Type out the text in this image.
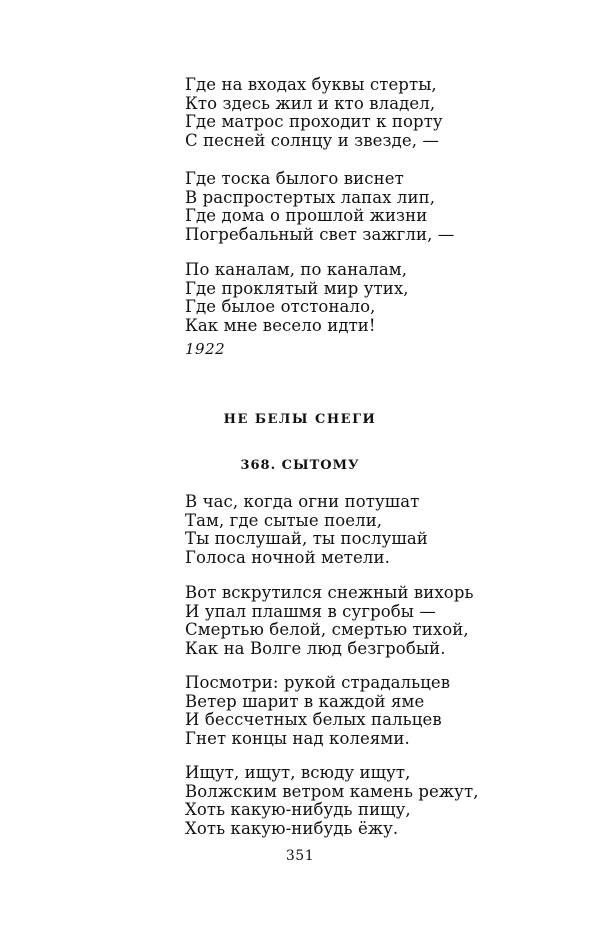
Где на входах буквы стерты,
Кто здесь жил и кто владел,
Где матрос проходит к порту
С песней солнцу и звезде, —
Где тоска былого виснет
В распростертых лапах лип,
Где дома о прошлой жизни
Погребальный свет зажгли, —
По каналам, по каналам,
Где проклятый мир утих,
Где былое отстонало,
Как мне весело идти!
1922
НЕ БЕЛЫ СНЕГИ
368. СЫТОМУ
В час, когда огни потушат
Там, где сытые поели,
Ты послушай, ты послушай
Голоса ночной метели.
Вот вскрутился снежный вихорь
И упал плашмя в сугробы —
Смертью белой, смертью тихой,
Как на Волге люд безгробый.
Посмотри: рукой страдальцев
Ветер шарит в каждой яме
И бессчетных белых пальцев
Гнет концы над колеями.
Ищут, ищут, всюду ищут,
Волжским ветром камень режут,
Хоть какую-нибудь пищу,
Хоть какую-нибудь ёжу.
351
